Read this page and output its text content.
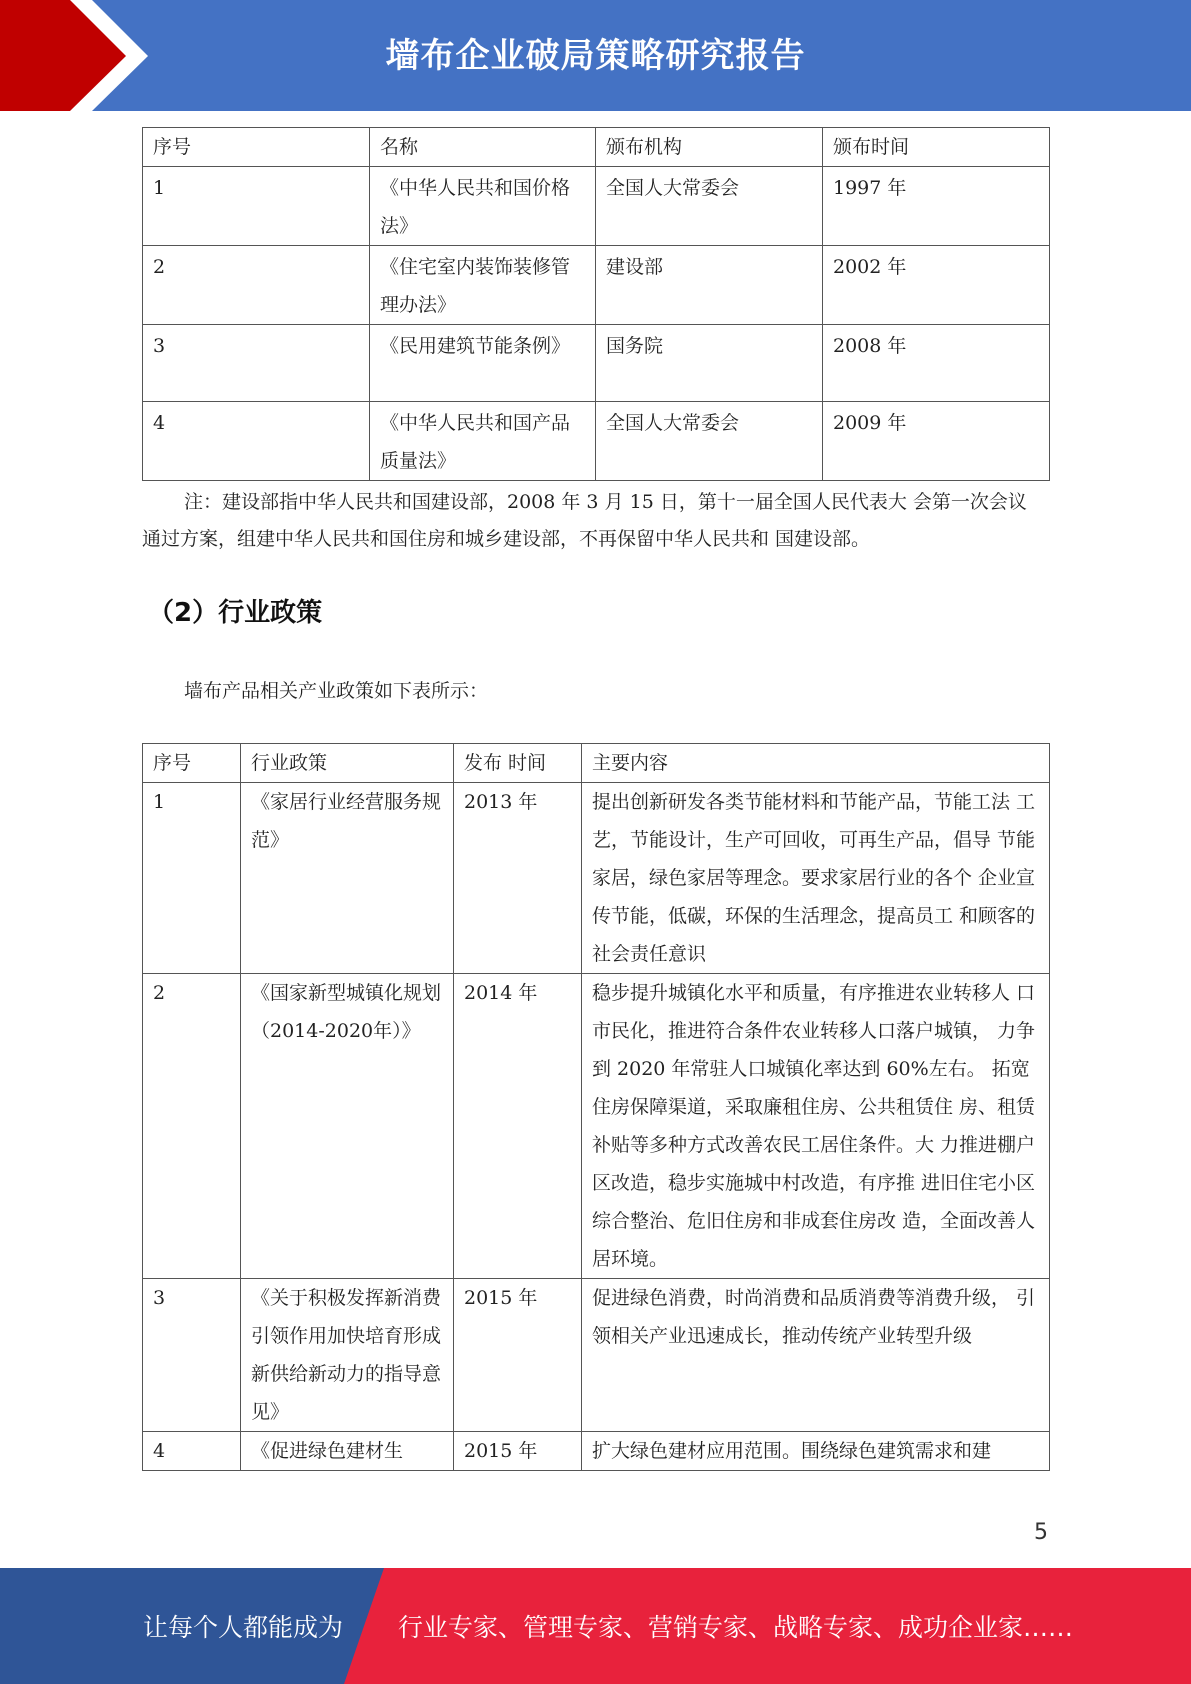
墙布企业破局策略研究报告
序号	名称	颁布机构	颁布时间
1	《中华人民共和国价格法》	全国人大常委会	1997 年
2	《住宅室内装饰装修管理办法》	建设部	2002 年
3	《民用建筑节能条例》	国务院	2008 年
4	《中华人民共和国产品质量法》	全国人大常委会	2009 年

注：建设部指中华人民共和国建设部，2008 年 3 月 15 日，第十一届全国人民代表大 会第一次会议通过方案，组建中华人民共和国住房和城乡建设部，不再保留中华人民共和 国建设部。

（2）行业政策

墙布产品相关产业政策如下表所示：

序号	行业政策	发布 时间	主要内容
1	《家居行业经营服务规范》	2013 年	提出创新研发各类节能材料和节能产品，节能工法 工艺，节能设计，生产可回收，可再生产品，倡导 节能家居，绿色家居等理念。要求家居行业的各个 企业宣传节能，低碳，环保的生活理念，提高员工 和顾客的社会责任意识
2	《国家新型城镇化规划（2014-2020年）》	2014 年	稳步提升城镇化水平和质量，有序推进农业转移人 口市民化，推进符合条件农业转移人口落户城镇， 力争到 2020 年常驻人口城镇化率达到 60%左右。 拓宽住房保障渠道，采取廉租住房、公共租赁住 房、租赁补贴等多种方式改善农民工居住条件。大 力推进棚户区改造，稳步实施城中村改造，有序推 进旧住宅小区综合整治、危旧住房和非成套住房改 造，全面改善人居环境。
3	《关于积极发挥新消费引领作用加快培育形成新供给新动力的指导意见》	2015 年	促进绿色消费，时尚消费和品质消费等消费升级， 引领相关产业迅速成长，推动传统产业转型升级
4	《促进绿色建材生	2015 年	扩大绿色建材应用范围。围绕绿色建筑需求和建
5
让每个人都能成为 行业专家、管理专家、营销专家、战略专家、成功企业家……
